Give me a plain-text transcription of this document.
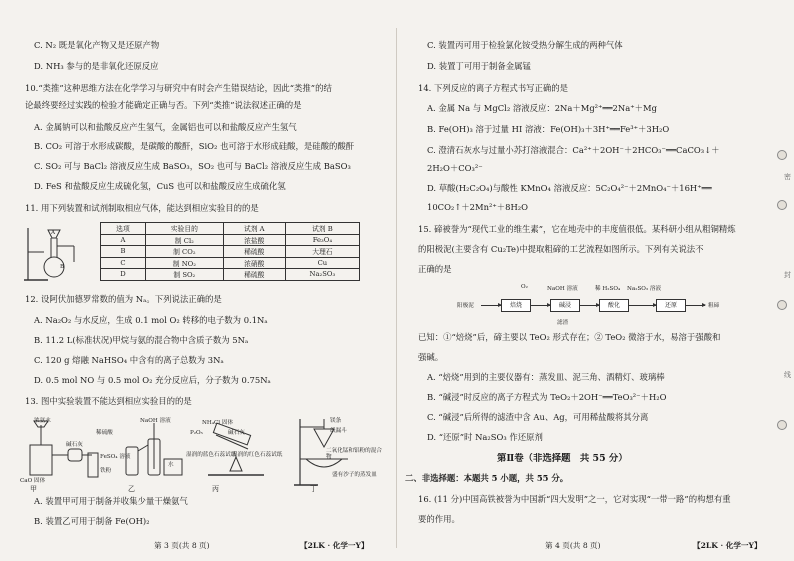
C. N₂ 既是氧化产物又是还原产物
D. NH₃ 参与的是非氧化还原反应
10.“类推”这种思维方法在化学学习与研究中有时会产生错误结论，因此“类推”的结
论最终要经过实践的检验才能确定正确与否。下列“类推”说法叙述正确的是
A. 金属钠可以和盐酸反应产生氢气，金属铝也可以和盐酸反应产生氢气
B. CO₂ 可溶于水形成碳酸，是碳酸的酸酐，SiO₂ 也可溶于水形成硅酸，是硅酸的酸酐
C. SO₂ 可与 BaCl₂ 溶液反应生成 BaSO₃，SO₂ 也可与 BaCl₂ 溶液反应生成 BaSO₃
D. FeS 和盐酸反应生成硫化氢，CuS 也可以和盐酸反应生成硫化氢
11. 用下列装置和试剂制取相应气体，能达到相应实验目的的是
A
B
选项	实验目的	试剂 A	试剂 B
A	制 Cl₂	浓盐酸	Fe₃O₄
B	制 CO₂	稀硫酸	大理石
C	制 NO₂	浓硝酸	Cu
D	制 SO₂	稀硫酸	Na₂SO₃
12. 设阿伏加德罗常数的值为 Nₐ。下列说法正确的是
A. Na₂O₂ 与水反应，生成 0.1 mol O₂ 转移的电子数为 0.1Nₐ
B. 11.2 L(标准状况)甲烷与氨的混合物中含质子数为 5Nₐ
C. 120 g 熔融 NaHSO₄ 中含有的离子总数为 3Nₐ
D. 0.5 mol NO 与 0.5 mol O₂ 充分反应后，分子数为 0.75Nₐ
13. 图中实验装置不能达到相应实验目的的是
浓氨水
碱石灰
CaO 固体
稀硫酸
NaOH 溶液
FeSO₄ 溶液
铁粉
水
P₂O₅
NH₄Cl 固体
碱石灰
湿润的蓝色石蕊试纸
湿润的红色石蕊试纸
镁条
纸漏斗
二氧化锰和铝粉的混合物
盛有沙子的蒸发皿
甲	乙	丙	丁
A. 装置甲可用于制备并收集少量干燥氨气
B. 装置乙可用于制备 Fe(OH)₂
第 3 页(共 8 页)	【2LK · 化学一Y】
C. 装置丙可用于检验氯化铵受热分解生成的两种气体
D. 装置丁可用于制备金属锰
14. 下列反应的离子方程式书写正确的是
A. 金属 Na 与 MgCl₂ 溶液反应：2Na＋Mg²⁺══2Na⁺＋Mg
B. Fe(OH)₃ 溶于过量 HI 溶液：Fe(OH)₃＋3H⁺══Fe³⁺＋3H₂O
C. 澄清石灰水与过量小苏打溶液混合：Ca²⁺＋2OH⁻＋2HCO₃⁻══CaCO₃↓＋
2H₂O＋CO₃²⁻
D. 草酸(H₂C₂O₄)与酸性 KMnO₄ 溶液反应：5C₂O₄²⁻＋2MnO₄⁻＋16H⁺══
10CO₂↑＋2Mn²⁺＋8H₂O
15. 碲被誉为“现代工业的维生素”，它在地壳中的丰度值很低。某科研小组从粗铜精炼
的阳极泥(主要含有 Cu₂Te)中提取粗碲的工艺流程如图所示。下列有关说法不
正确的是
阳极泥
O₂
焙烧
NaOH 溶液
碱浸
滤渣
稀 H₂SO₄
酸化
Na₂SO₃ 溶液
还原	粗碲
已知：①“焙烧”后，碲主要以 TeO₂ 形式存在；② TeO₂ 微溶于水，易溶于强酸和
强碱。
A. “焙烧”用到的主要仪器有：蒸发皿、泥三角、酒精灯、玻璃棒
B. “碱浸”时反应的离子方程式为 TeO₂＋2OH⁻══TeO₃²⁻＋H₂O
C. “碱浸”后所得的滤渣中含 Au、Ag，可用稀盐酸将其分离
D. “还原”时 Na₂SO₃ 作还原剂
第Ⅱ卷（非选择题　共 55 分）
二、非选择题：本题共 5 小题，共 55 分。
16. (11 分)中国高铁被誉为中国新“四大发明”之一，它对实现“一带一路”的构想有重
要的作用。
第 4 页(共 8 页)	【2LK · 化学一Y】
密
封
线
